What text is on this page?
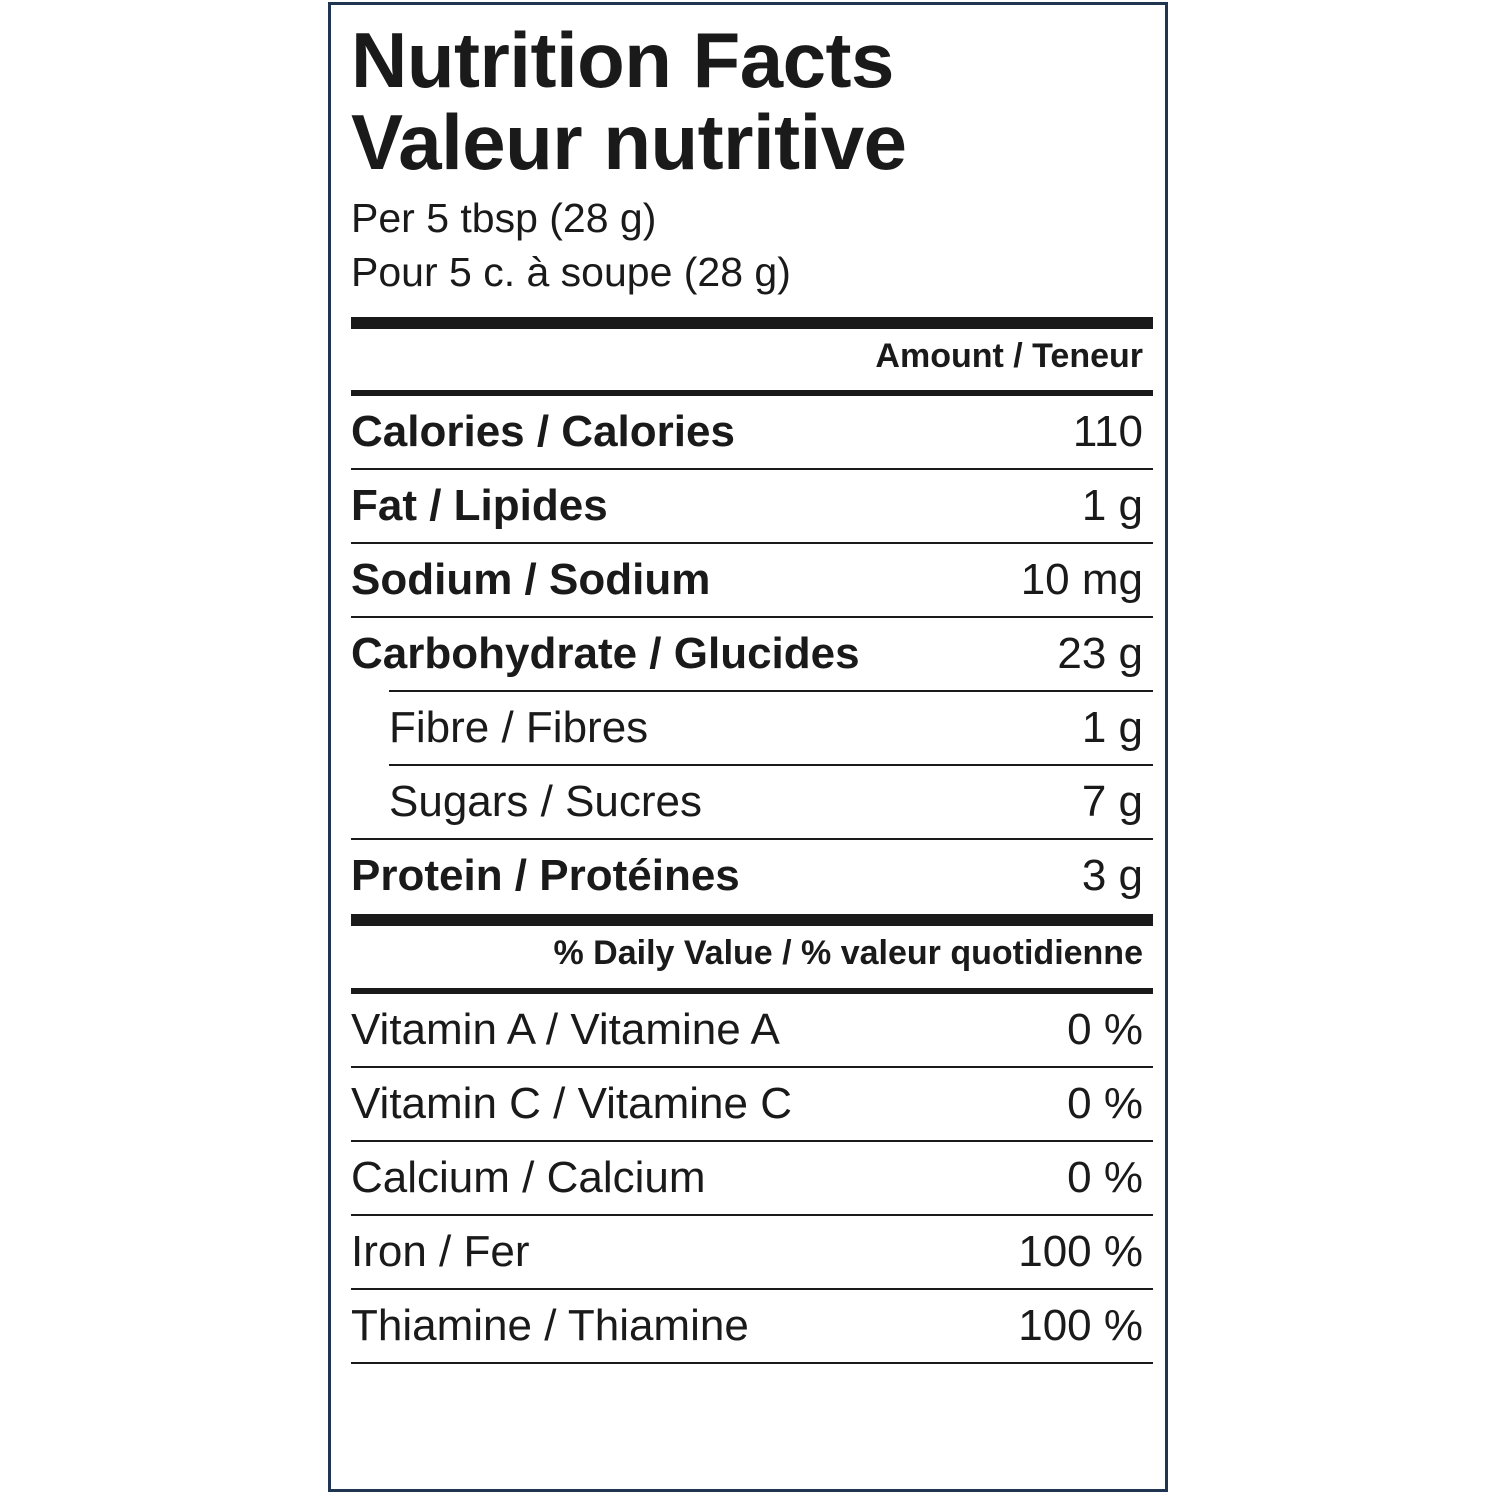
Nutrition Facts
Valeur nutritive

Per 5 tbsp (28 g)

Pour 5 c. à soupe (28 g)

Amount / Teneur
Calories / Calories	110
Fat / Lipides	1 g
Sodium / Sodium	10 mg
Carbohydrate / Glucides	23 g
Fibre / Fibres	1 g
Sugars / Sucres	7 g
Protein / Protéines	3 g
% Daily Value / % valeur quotidienne
Vitamin A / Vitamine A	0 %
Vitamin C / Vitamine C	0 %
Calcium / Calcium	0 %
Iron / Fer	100 %
Thiamine / Thiamine	100 %
